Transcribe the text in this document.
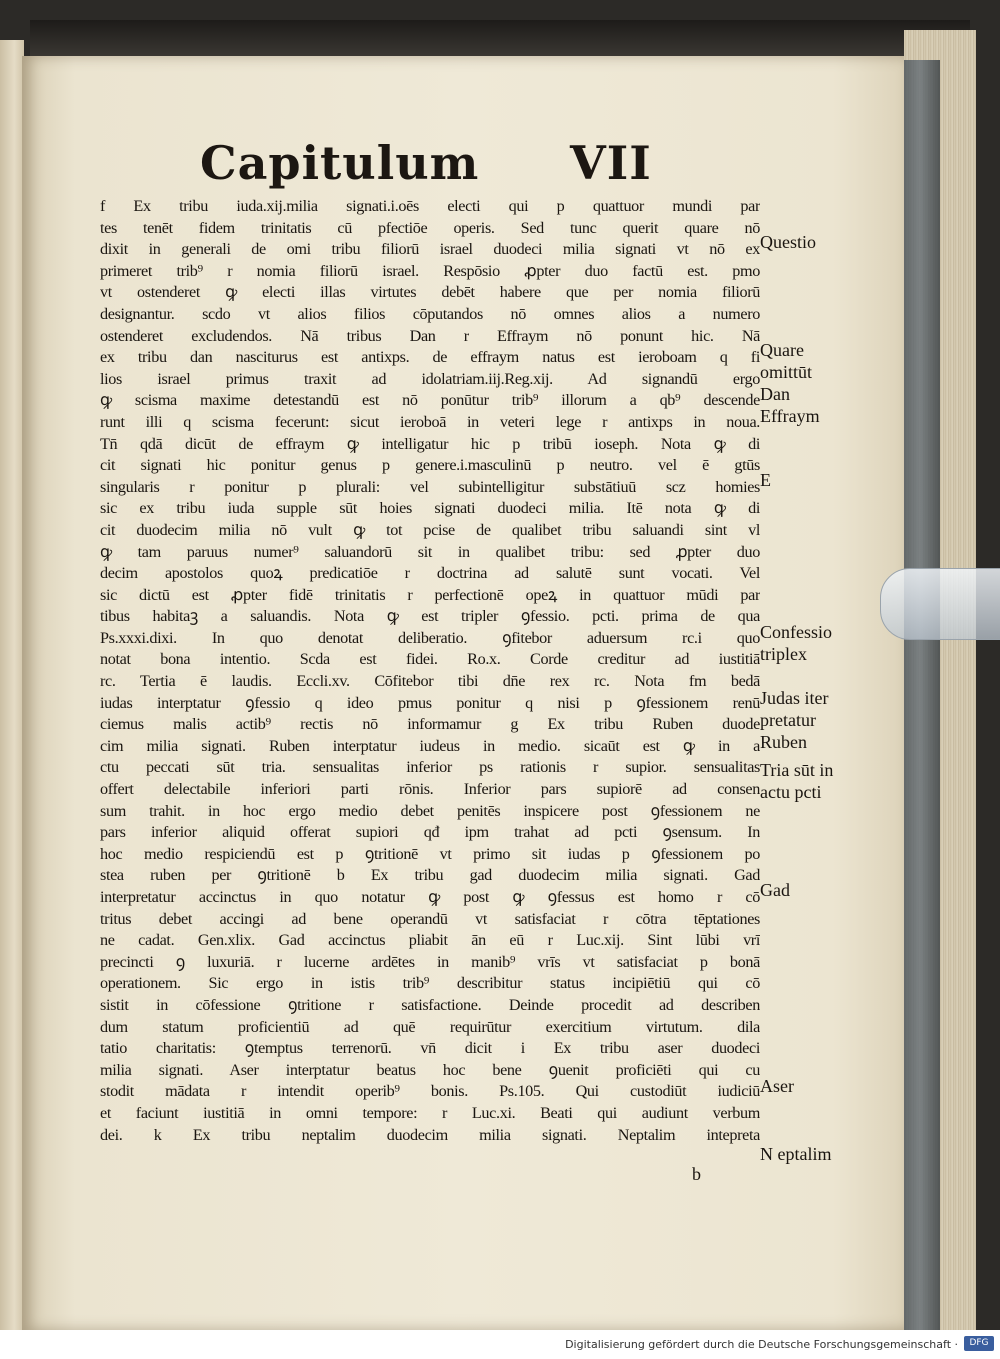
Capitulum VII
f Ex tribu iuda.xij.milia signati.i.oēs electi qui p quattuor mundi par
tes tenēt fidem trinitatis cū pfectiōe operis. Sed tunc querit quare nō
dixit in generali de omi tribu filiorū israel duodeci milia signati vt nō ex
primeret trib⁹ r nomia filiorū israel. Respōsio ꝓpter duo factū est. pmo
vt ostenderet ꝙ electi illas virtutes debēt habere que per nomia filiorū
designantur. scdo vt alios filios cōputandos nō omnes alios a numero
ostenderet excludendos. Nā tribus Dan r Effraym nō ponunt hic. Nā
ex tribu dan nasciturus est antixps. de effraym natus est ieroboam q fi
lios israel primus traxit ad idolatriam.iij.Reg.xij. Ad signandū ergo
ꝙ scisma maxime detestandū est nō ponūtur trib⁹ illorum a qb⁹ descende
runt illi q scisma fecerunt: sicut ieroboā in veteri lege r antixps in noua.
Tn̄ qdā dicūt de effraym ꝙ intelligatur hic p tribū ioseph. Nota ꝙ di
cit signati hic ponitur genus p genere.i.masculinū p neutro. vel ē gtūs
singularis r ponitur p plurali: vel subintelligitur substātiuū scz homies
sic ex tribu iuda supple sūt hoies signati duodeci milia. Itē nota ꝙ di
cit duodecim milia nō vult ꝙ tot pcise de qualibet tribu saluandi sint vl
ꝙ tam paruus numer⁹ saluandorū sit in qualibet tribu: sed ꝓpter duo
decim apostolos quoꝝ predicatiōe r doctrina ad salutē sunt vocati. Vel
sic dictū est ꝓpter fidē trinitatis r perfectionē opeꝝ in quattuor mūdi par
tibus habitaꝫ a saluandis. Nota ꝙ est tripler ꝯfessio. pcti. prima de qua
Ps.xxxi.dixi. In quo denotat deliberatio. ꝯfitebor aduersum rc.i quo
notat bona intentio. Scda est fidei. Ro.x. Corde creditur ad iustitiā
rc. Tertia ē laudis. Eccli.xv. Cōfitebor tibi dn̄e rex rc. Nota fm bedā
iudas interptatur ꝯfessio q ideo pmus ponitur q nisi p ꝯfessionem renū
ciemus malis actib⁹ rectis nō informamur g Ex tribu Ruben duode
cim milia signati. Ruben interptatur iudeus in medio. sicaūt est ꝙ in a
ctu peccati sūt tria. sensualitas inferior ps rationis r supior. sensualitas
offert delectabile inferiori parti rōnis. Inferior pars supiorē ad consen
sum trahit. in hoc ergo medio debet penitēs inspicere post ꝯfessionem ne
pars inferior aliquid offerat supiori qđ ipm trahat ad pcti ꝯsensum. In
hoc medio respiciendū est p ꝯtritionē vt primo sit iudas p ꝯfessionem po
stea ruben per ꝯtritionē b Ex tribu gad duodecim milia signati. Gad
interpretatur accinctus in quo notatur ꝙ post ꝙ ꝯfessus est homo r cō
tritus debet accingi ad bene operandū vt satisfaciat r cōtra tēptationes
ne cadat. Gen.xlix. Gad accinctus pliabit ān eū r Luc.xij. Sint lūbi vrī
precincti ꝯ luxuriā. r lucerne ardētes in manib⁹ vrīs vt satisfaciat p bonā
operationem. Sic ergo in istis trib⁹ describitur status incipiētiū qui cō
sistit in cōfessione ꝯtritione r satisfactione. Deinde procedit ad describen
dum statum proficientiū ad quē requirūtur exercitium virtutum. dila
tatio charitatis: ꝯtemptus terrenorū. vn̄ dicit i Ex tribu aser duodeci
milia signati. Aser interptatur beatus hoc bene ꝯuenit proficiēti qui cu
stodit mādata r intendit operib⁹ bonis. Ps.105. Qui custodiūt iudiciū
et faciunt iustitiā in omni tempore: r Luc.xi. Beati qui audiunt verbum
dei. k Ex tribu neptalim duodecim milia signati. Neptalim intepreta
Questio
Quare
omittūt
Dan
Effraym
E
Confessio
triplex
Judas iter
pretatur
Ruben
Tria sūt in
actu pcti
Gad
Aser
N eptalim
b
Digitalisierung gefördert durch die Deutsche Forschungsgemeinschaft ·	DFG
